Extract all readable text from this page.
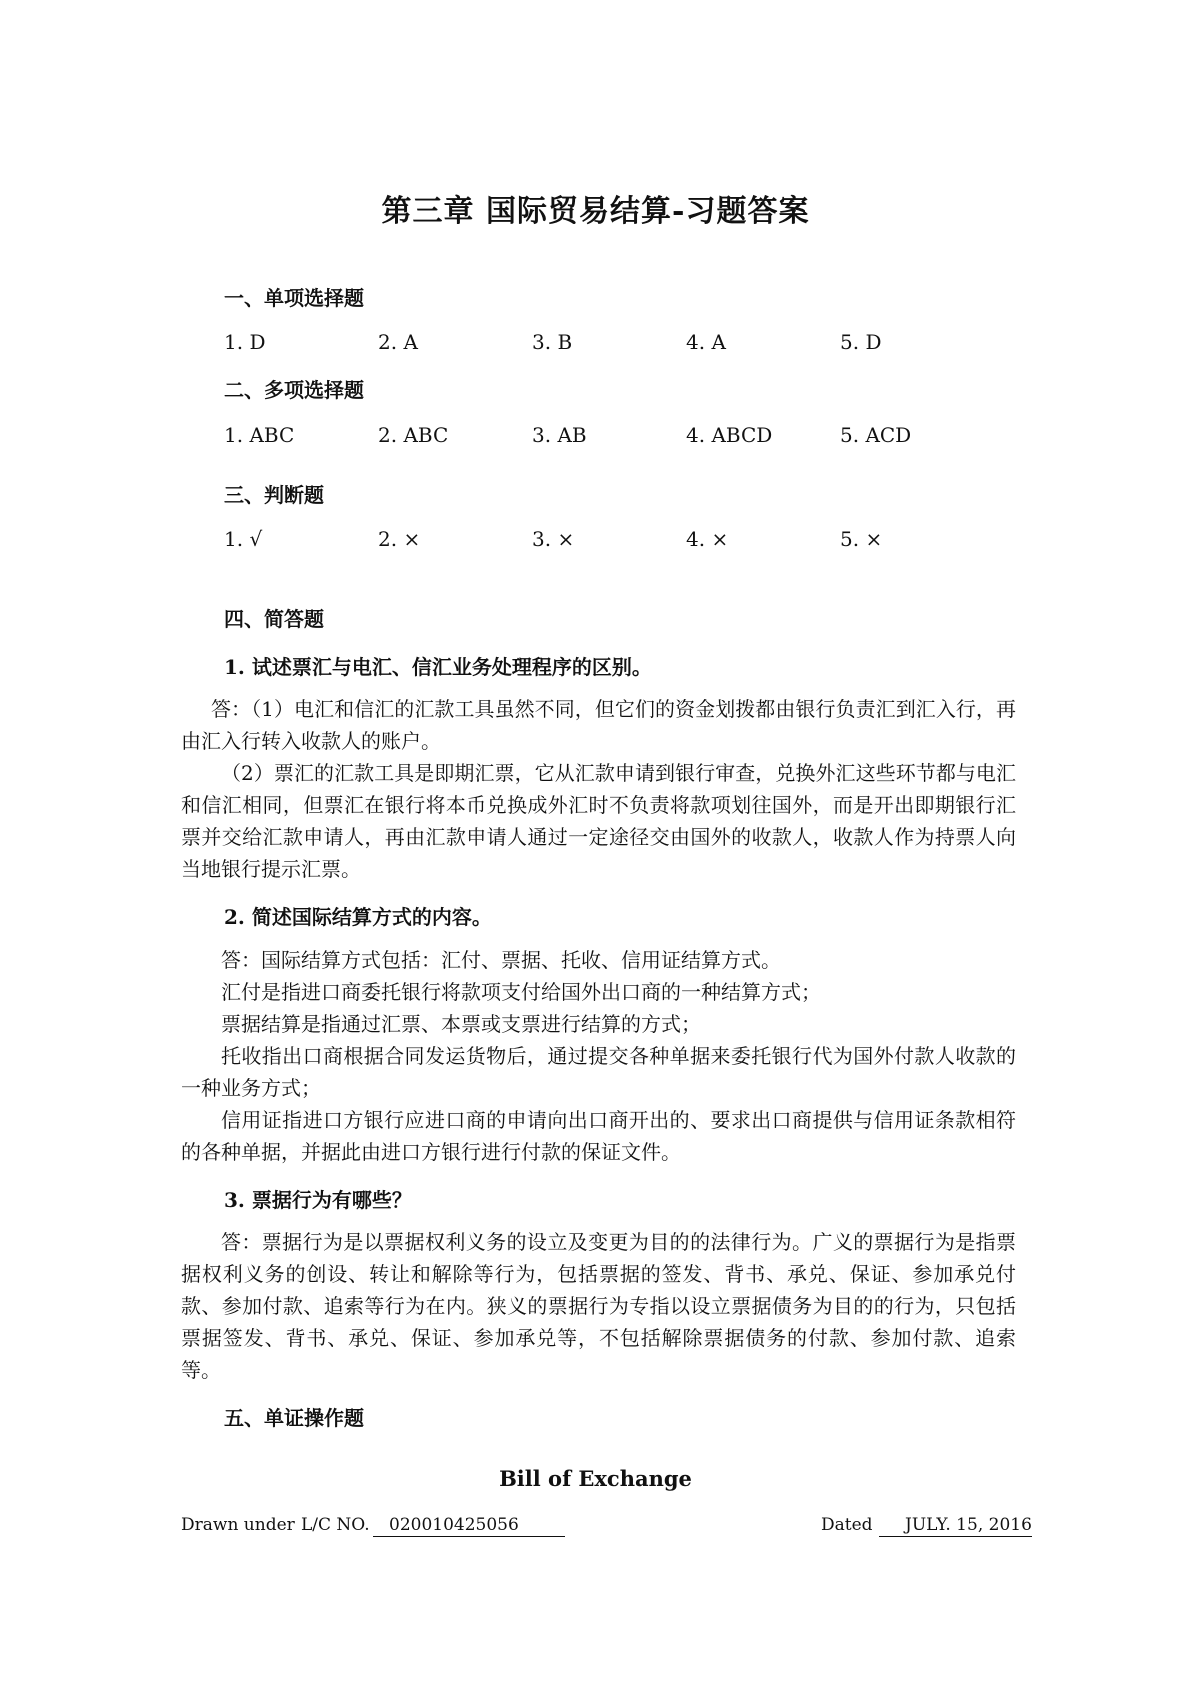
第三章 国际贸易结算-习题答案
一、单项选择题
1. D	2. A	3. B	4. A	5. D
二、多项选择题
1. ABC	2. ABC	3. AB	4. ABCD	5. ACD
三、判断题
1. √	2. ×	3. ×	4. ×	5. ×
四、简答题
1. 试述票汇与电汇、信汇业务处理程序的区别。

答：（1）电汇和信汇的汇款工具虽然不同，但它们的资金划拨都由银行负责汇到汇入行，再由汇入行转入收款人的账户。

（2）票汇的汇款工具是即期汇票，它从汇款申请到银行审查，兑换外汇这些环节都与电汇和信汇相同，但票汇在银行将本币兑换成外汇时不负责将款项划往国外，而是开出即期银行汇票并交给汇款申请人，再由汇款申请人通过一定途径交由国外的收款人，收款人作为持票人向当地银行提示汇票。

2. 简述国际结算方式的内容。

答：国际结算方式包括：汇付、票据、托收、信用证结算方式。

汇付是指进口商委托银行将款项支付给国外出口商的一种结算方式；

票据结算是指通过汇票、本票或支票进行结算的方式；

托收指出口商根据合同发运货物后，通过提交各种单据来委托银行代为国外付款人收款的一种业务方式；

信用证指进口方银行应进口商的申请向出口商开出的、要求出口商提供与信用证条款相符的各种单据，并据此由进口方银行进行付款的保证文件。

3. 票据行为有哪些？

答：票据行为是以票据权利义务的设立及变更为目的的法律行为。广义的票据行为是指票据权利义务的创设、转让和解除等行为，包括票据的签发、背书、承兑、保证、参加承兑付款、参加付款、追索等行为在内。狭义的票据行为专指以设立票据债务为目的的行为，只包括票据签发、背书、承兑、保证、参加承兑等，不包括解除票据债务的付款、参加付款、追索等。

五、单证操作题
Bill of Exchange
Drawn under L/C NO.	020010425056	Dated	JULY. 15, 2016
